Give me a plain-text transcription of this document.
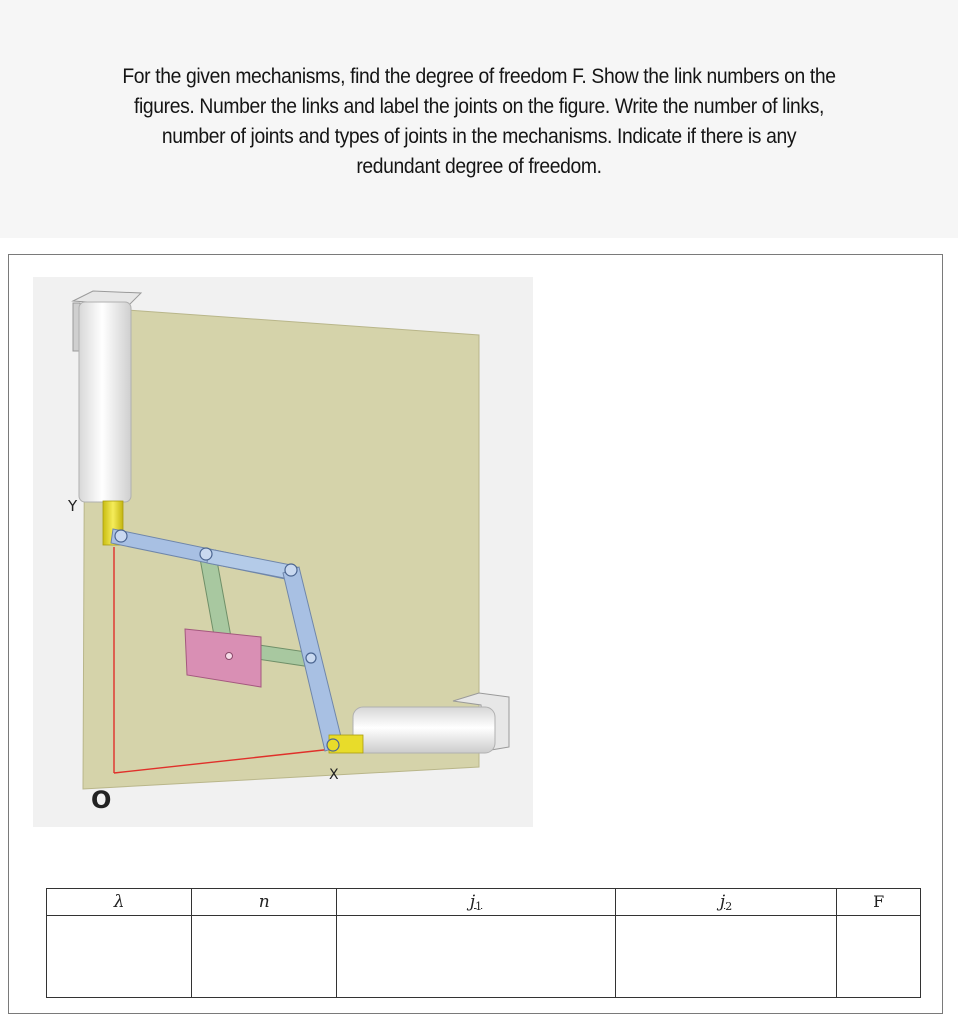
For the given mechanisms, find the degree of freedom F. Show the link numbers on the
figures. Number the links and label the joints on the figure. Write the number of links,
number of joints and types of joints in the mechanisms. Indicate if there is any
redundant degree of freedom.
Y
X
O
λ	n	$j_1$	$j_2$	F
